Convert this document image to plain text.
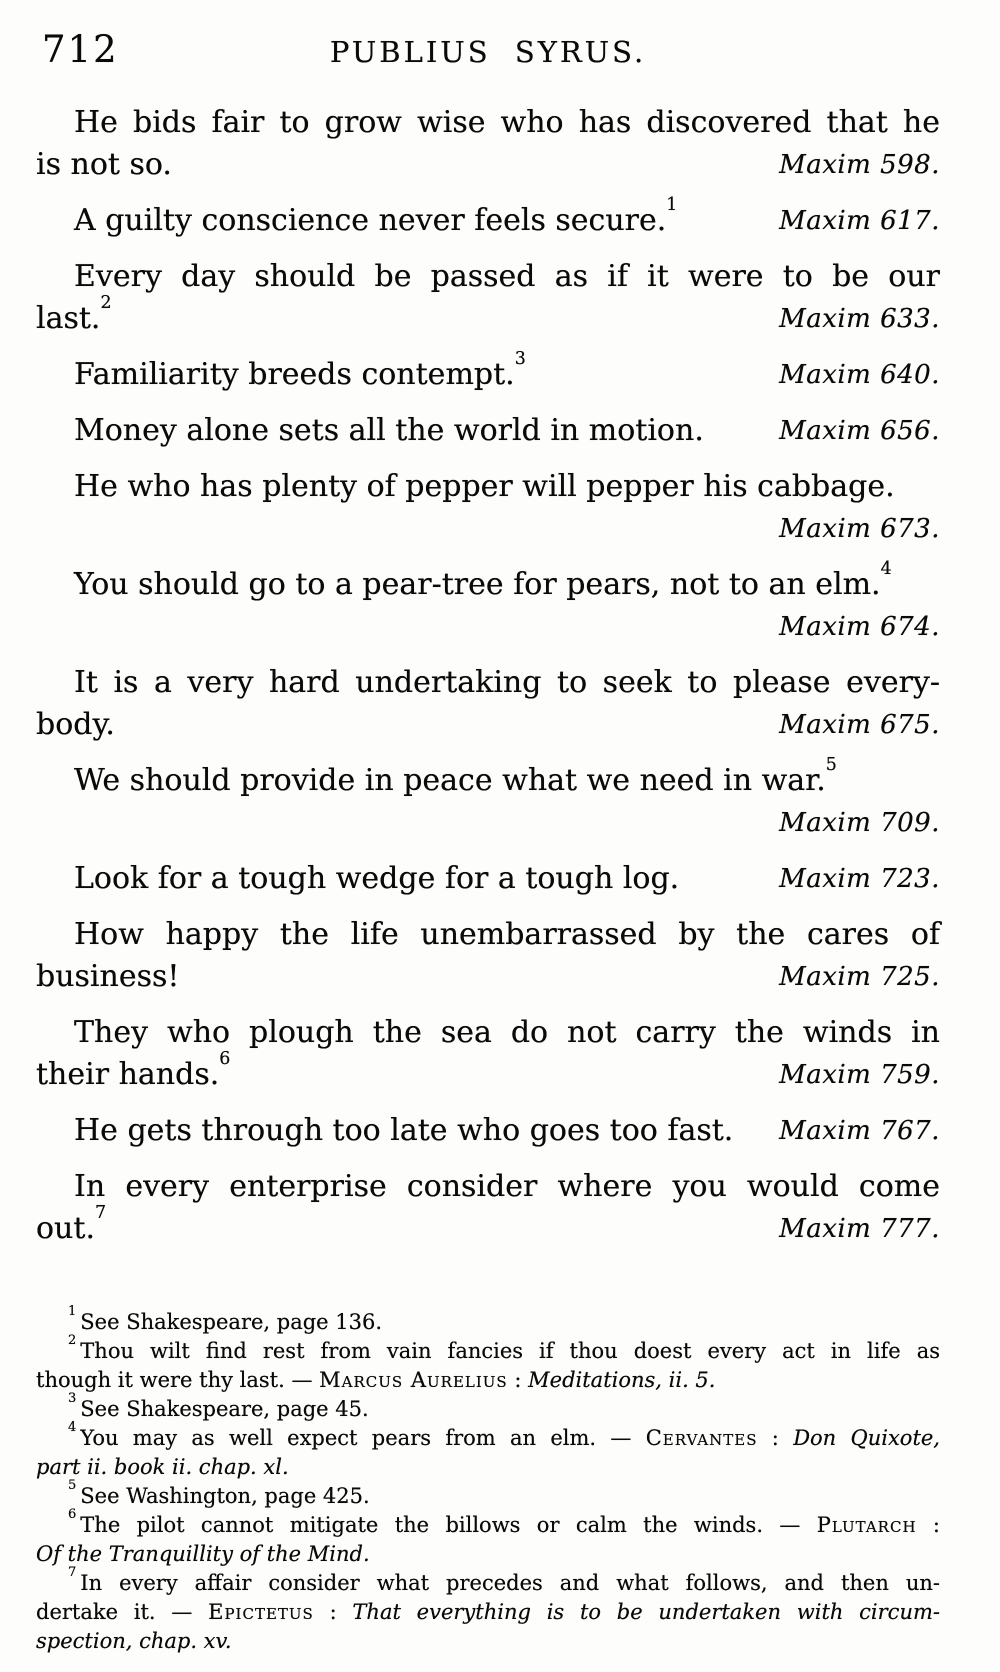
712	PUBLIUS SYRUS.

He bids fair to grow wise who has discovered that he
is not so.	Maxim 598.

A guilty conscience never feels secure.$^1$
Maxim 617.

Every day should be passed as if it were to be our
last.$^2$
Maxim 633.

Familiarity breeds contempt.$^3$
Maxim 640.

Money alone sets all the world in motion.	Maxim 656.

He who has plenty of pepper will pepper his cabbage.
Maxim 673.

You should go to a pear-tree for pears, not to an elm.$^4$
Maxim 674.

It is a very hard undertaking to seek to please every-
body.	Maxim 675.

We should provide in peace what we need in war.$^5$
Maxim 709.

Look for a tough wedge for a tough log.	Maxim 723.

How happy the life unembarrassed by the cares of
business!	Maxim 725.

They who plough the sea do not carry the winds in
their hands.$^6$
Maxim 759.

He gets through too late who goes too fast.	Maxim 767.

In every enterprise consider where you would come
out.$^7$
Maxim 777.

$^1$ See Shakespeare, page 136.

$^2$ Thou wilt find rest from vain fancies if thou doest every act in life as
though it were thy last. — Marcus Aurelius : Meditations, ii. 5.

$^3$ See Shakespeare, page 45.

$^4$ You may as well expect pears from an elm. — Cervantes : Don Quixote,
part ii. book ii. chap. xl.

$^5$ See Washington, page 425.

$^6$ The pilot cannot mitigate the billows or calm the winds. — Plutarch :
Of the Tranquillity of the Mind.

$^7$ In every affair consider what precedes and what follows, and then un-
dertake it. — Epictetus : That everything is to be undertaken with circum-
spection, chap. xv.
